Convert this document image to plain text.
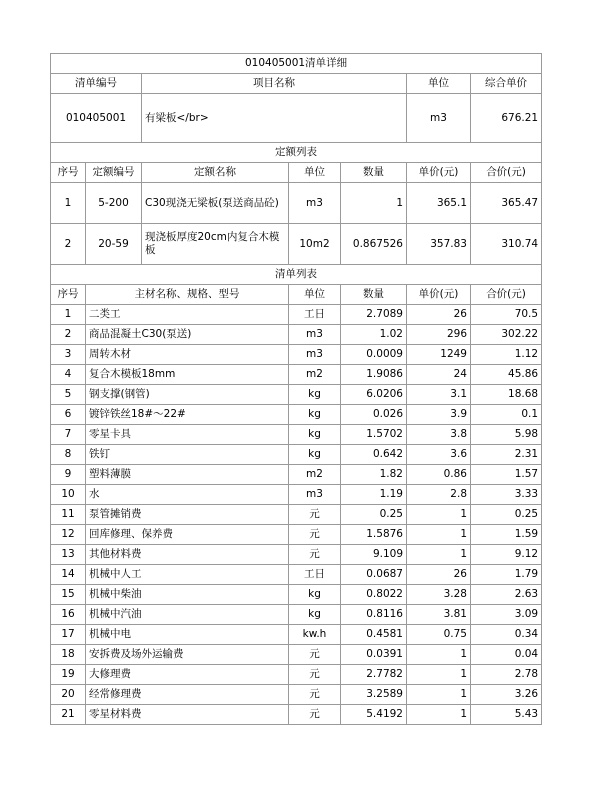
010405001清单详细						
清单编号		项目名称			单位	综合单价
010405001		有梁板</br>			m3	676.21
定额列表						
序号	定额编号	定额名称	单位	数量	单价(元)	合价(元)
1	5-200	C30现浇无梁板(泵送商品砼)	m3	1	365.1	365.47
2	20-59	现浇板厚度20cm内复合木模板	10m2	0.867526	357.83	310.74
清单列表						
序号	主材名称、规格、型号		单位	数量	单价(元)	合价(元)
1	二类工		工日	2.7089	26	70.5
2	商品混凝土C30(泵送)		m3	1.02	296	302.22
3	周转木材		m3	0.0009	1249	1.12
4	复合木模板18mm		m2	1.9086	24	45.86
5	钢支撑(钢管)		kg	6.0206	3.1	18.68
6	镀锌铁丝18#～22#		kg	0.026	3.9	0.1
7	零星卡具		kg	1.5702	3.8	5.98
8	铁钉		kg	0.642	3.6	2.31
9	塑料薄膜		m2	1.82	0.86	1.57
10	水		m3	1.19	2.8	3.33
11	泵管摊销费		元	0.25	1	0.25
12	回库修理、保养费		元	1.5876	1	1.59
13	其他材料费		元	9.109	1	9.12
14	机械中人工		工日	0.0687	26	1.79
15	机械中柴油		kg	0.8022	3.28	2.63
16	机械中汽油		kg	0.8116	3.81	3.09
17	机械中电		kw.h	0.4581	0.75	0.34
18	安拆费及场外运输费		元	0.0391	1	0.04
19	大修理费		元	2.7782	1	2.78
20	经常修理费		元	3.2589	1	3.26
21	零星材料费		元	5.4192	1	5.43
